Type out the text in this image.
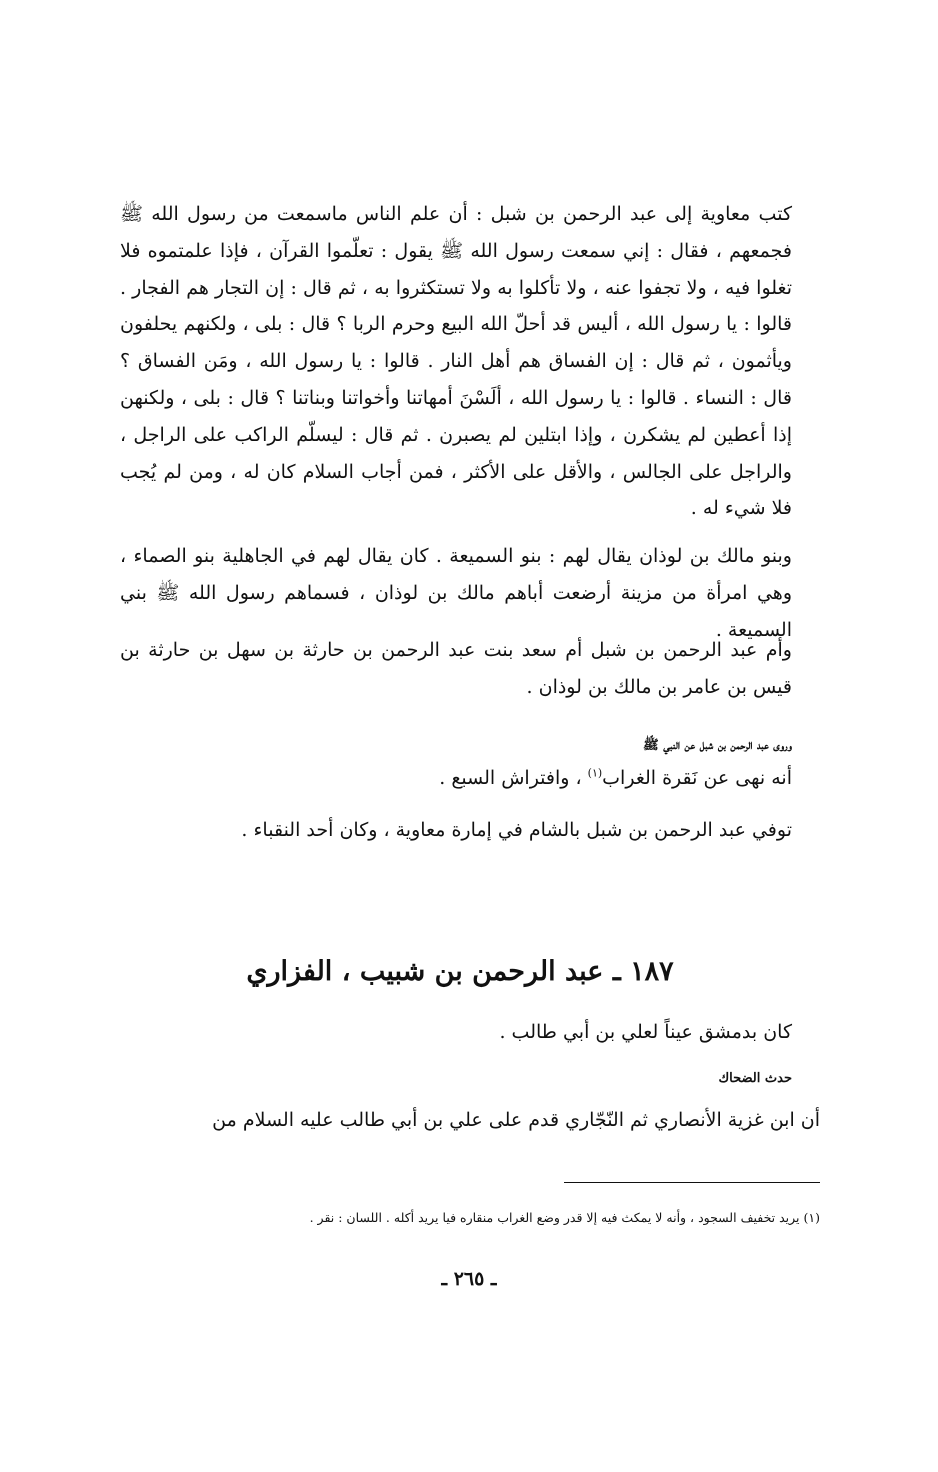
كتب معاوية إلى عبد الرحمن بن شبل : أن علم الناس ماسمعت من رسول الله ﷺ فجمعهم ، فقال : إني سمعت رسول الله ﷺ يقول : تعلّموا القرآن ، فإذا علمتموه فلا تغلوا فيه ، ولا تجفوا عنه ، ولا تأكلوا به ولا تستكثروا به ، ثم قال : إن التجار هم الفجار . قالوا : يا رسول الله ، أليس قد أحلّ الله البيع وحرم الربا ؟ قال : بلى ، ولكنهم يحلفون ويأثمون ، ثم قال : إن الفساق هم أهل النار . قالوا : يا رسول الله ، ومَن الفساق ؟ قال : النساء . قالوا : يا رسول الله ، ألَسْنَ أمهاتنا وأخواتنا وبناتنا ؟ قال : بلى ، ولكنهن إذا أعطين لم يشكرن ، وإذا ابتلين لم يصبرن . ثم قال : ليسلّم الراكب على الراجل ، والراجل على الجالس ، والأقل على الأكثر ، فمن أجاب السلام كان له ، ومن لم يُجب فلا شيء له .

وبنو مالك بن لوذان يقال لهم : بنو السميعة . كان يقال لهم في الجاهلية بنو الصماء ، وهي امرأة من مزينة أرضعت أباهم مالك بن لوذان ، فسماهم رسول الله ﷺ بني السميعة .

وأم عبد الرحمن بن شبل أم سعد بنت عبد الرحمن بن حارثة بن سهل بن حارثة بن قيس بن عامر بن مالك بن لوذان .

وروى عبد الرحمن بن شبل عن النبي ﷺ
أنه نهى عن نَقرة الغراب$^{(١)}$ ، وافتراش السبع .
توفي عبد الرحمن بن شبل بالشام في إمارة معاوية ، وكان أحد النقباء .
١٨٧ ـ عبد الرحمن بن شبيب ، الفزاري
كان بدمشق عيناً لعلي بن أبي طالب .
حدث الضحاك
أن ابن غزية الأنصاري ثم النّجّاري قدم على علي بن أبي طالب عليه السلام من
(١) يريد تخفيف السجود ، وأنه لا يمكث فيه إلا قدر وضع الغراب منقاره فيا يريد أكله . اللسان : نقر .
ـ ٢٦٥ ـ
